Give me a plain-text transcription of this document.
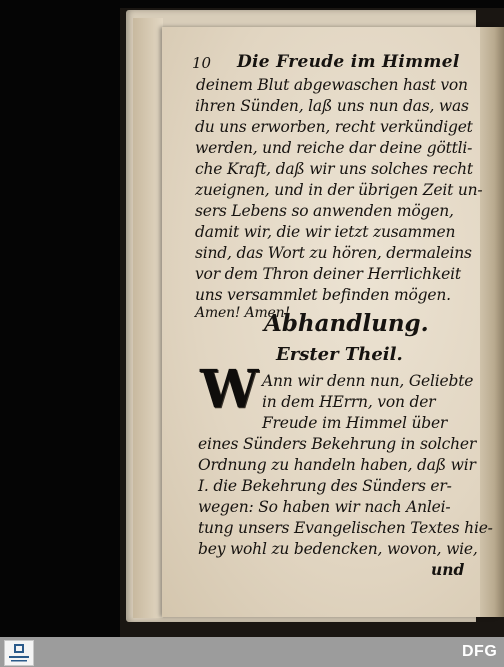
10 Die Freude im Himmel
deinem Blut abgewaschen hast von
ihren Sünden, laß uns nun das, was
du uns erworben, recht verkündiget
werden, und reiche dar deine göttli-
che Kraft, daß wir uns solches recht
zueignen, und in der übrigen Zeit un-
sers Lebens so anwenden mögen,
damit wir, die wir ietzt zusammen
sind, das Wort zu hören, dermaleins
vor dem Thron deiner Herrlichkeit
uns versammlet befinden mögen.
Amen! Amen!
Abhandlung.
Erster Theil.
W Ann wir denn nun, Geliebte
in dem HErrn, von der
Freude im Himmel über
eines Sünders Bekehrung in solcher
Ordnung zu handeln haben, daß wir
I. die Bekehrung des Sünders er-
wegen: So haben wir nach Anlei-
tung unsers Evangelischen Textes hie-
bey wohl zu bedencken, wovon, wie,
und
DFG
